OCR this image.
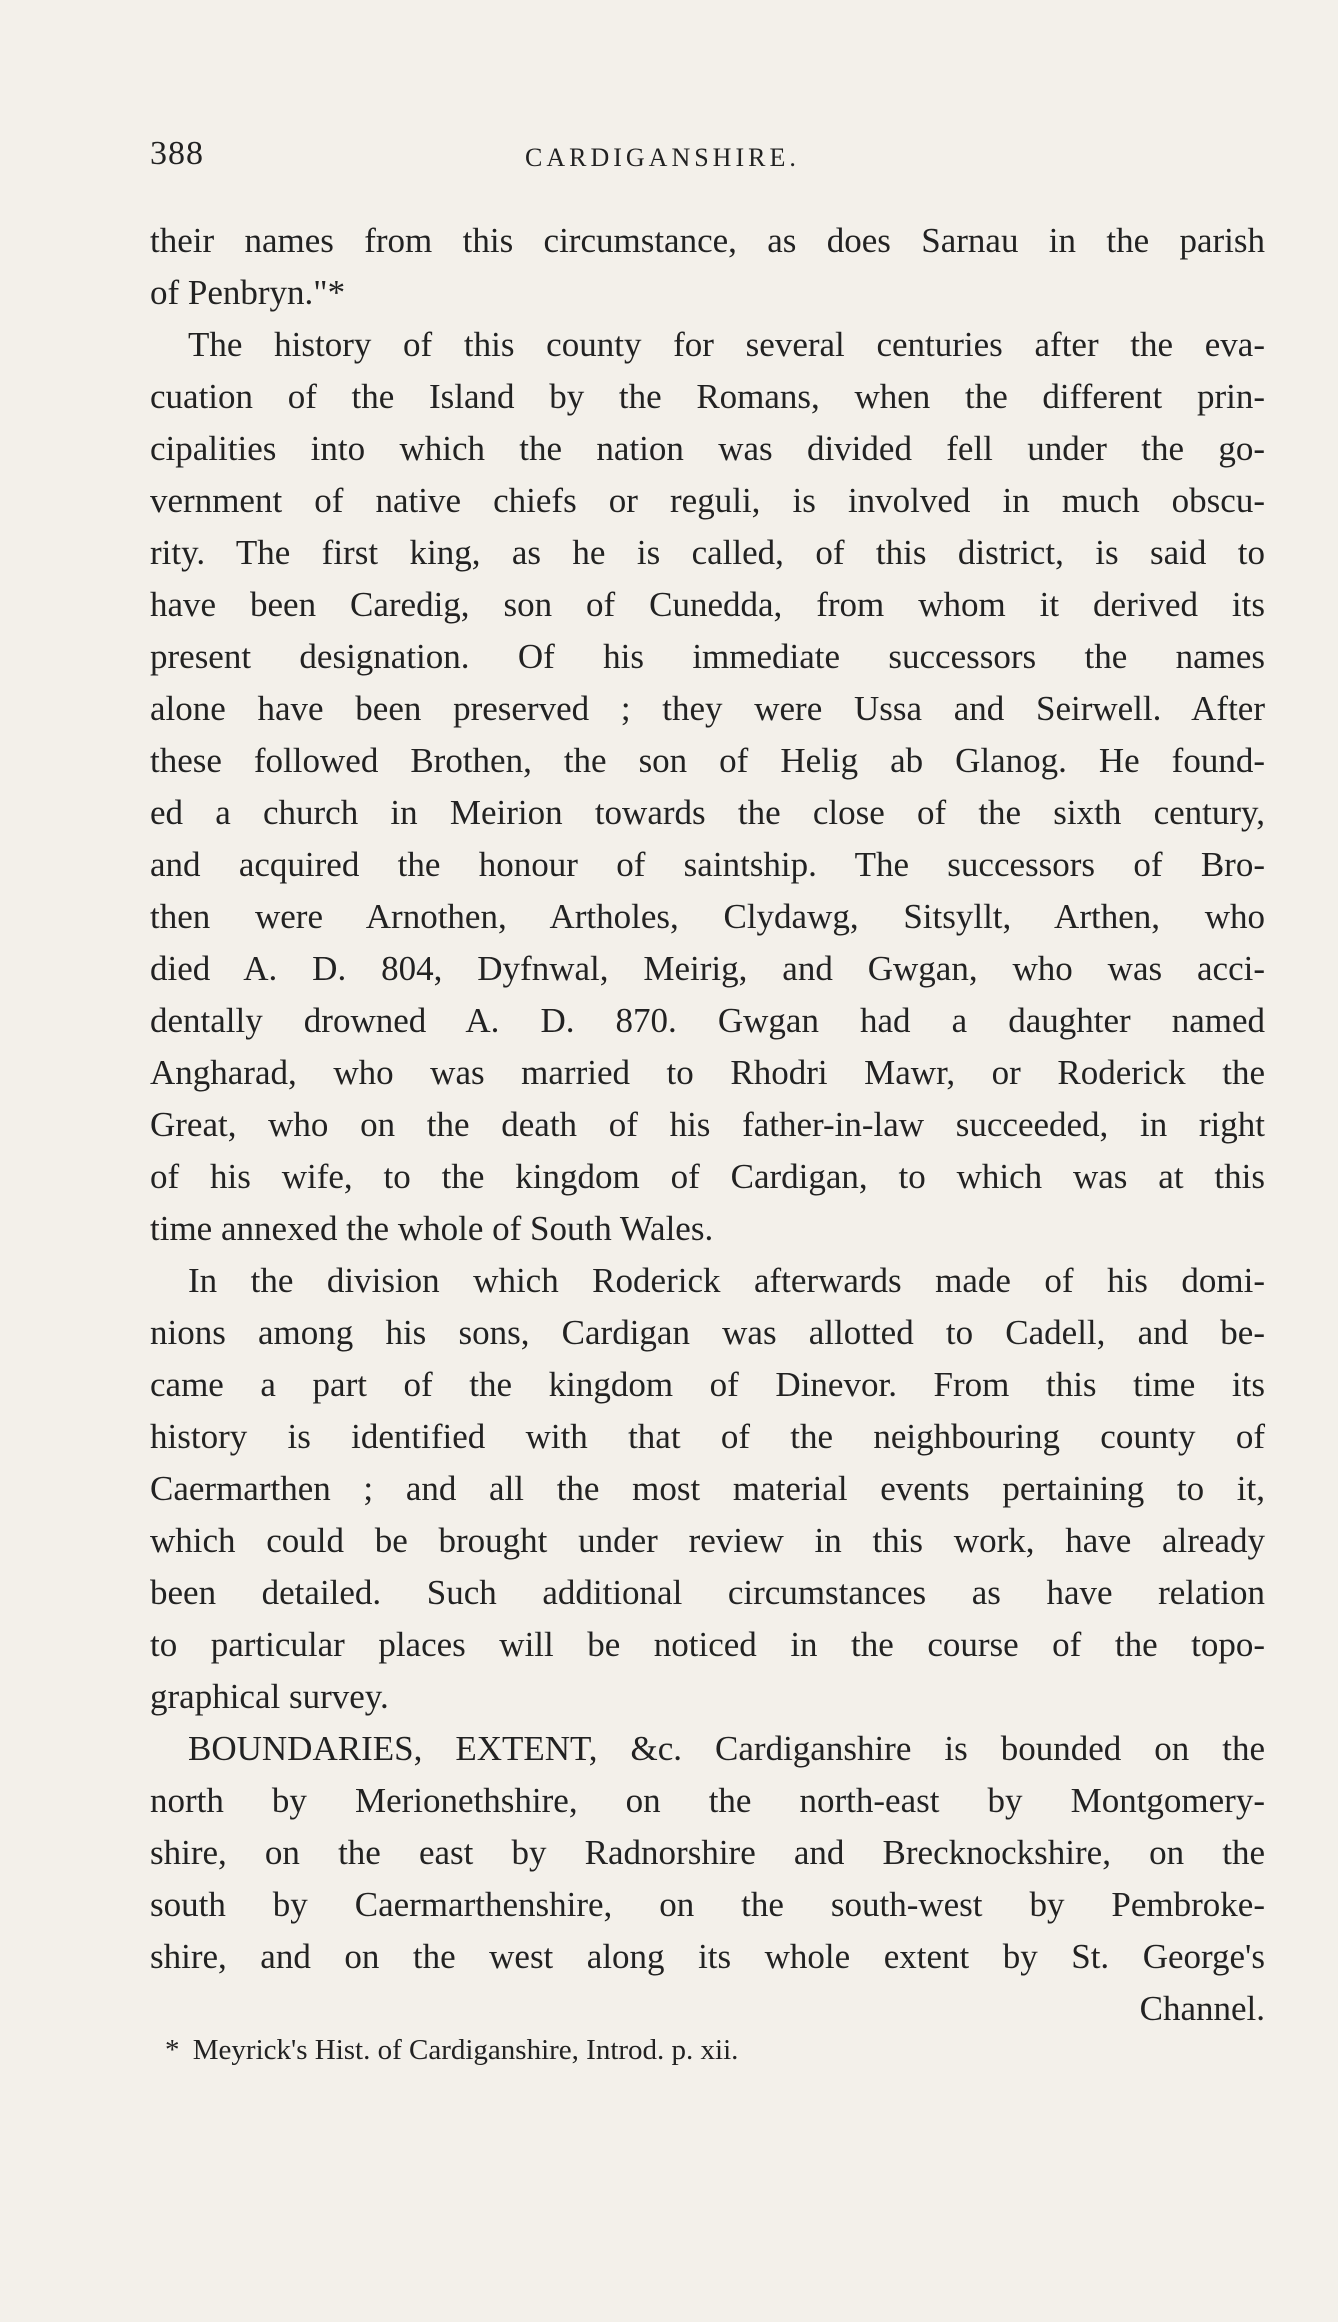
388	CARDIGANSHIRE.
their names from this circumstance, as does Sarnau in the parish
of Penbryn."*
The history of this county for several centuries after the eva-
cuation of the Island by the Romans, when the different prin-
cipalities into which the nation was divided fell under the go-
vernment of native chiefs or reguli, is involved in much obscu-
rity. The first king, as he is called, of this district, is said to
have been Caredig, son of Cunedda, from whom it derived its
present designation. Of his immediate successors the names
alone have been preserved ; they were Ussa and Seirwell. After
these followed Brothen, the son of Helig ab Glanog. He found-
ed a church in Meirion towards the close of the sixth century,
and acquired the honour of saintship. The successors of Bro-
then were Arnothen, Artholes, Clydawg, Sitsyllt, Arthen, who
died A. D. 804, Dyfnwal, Meirig, and Gwgan, who was acci-
dentally drowned A. D. 870. Gwgan had a daughter named
Angharad, who was married to Rhodri Mawr, or Roderick the
Great, who on the death of his father-in-law succeeded, in right
of his wife, to the kingdom of Cardigan, to which was at this
time annexed the whole of South Wales.
In the division which Roderick afterwards made of his domi-
nions among his sons, Cardigan was allotted to Cadell, and be-
came a part of the kingdom of Dinevor. From this time its
history is identified with that of the neighbouring county of
Caermarthen ; and all the most material events pertaining to it,
which could be brought under review in this work, have already
been detailed. Such additional circumstances as have relation
to particular places will be noticed in the course of the topo-
graphical survey.
BOUNDARIES, EXTENT, &c. Cardiganshire is bounded on the
north by Merionethshire, on the north-east by Montgomery-
shire, on the east by Radnorshire and Brecknockshire, on the
south by Caermarthenshire, on the south-west by Pembroke-
shire, and on the west along its whole extent by St. George's
Channel.
* Meyrick's Hist. of Cardiganshire, Introd. p. xii.
